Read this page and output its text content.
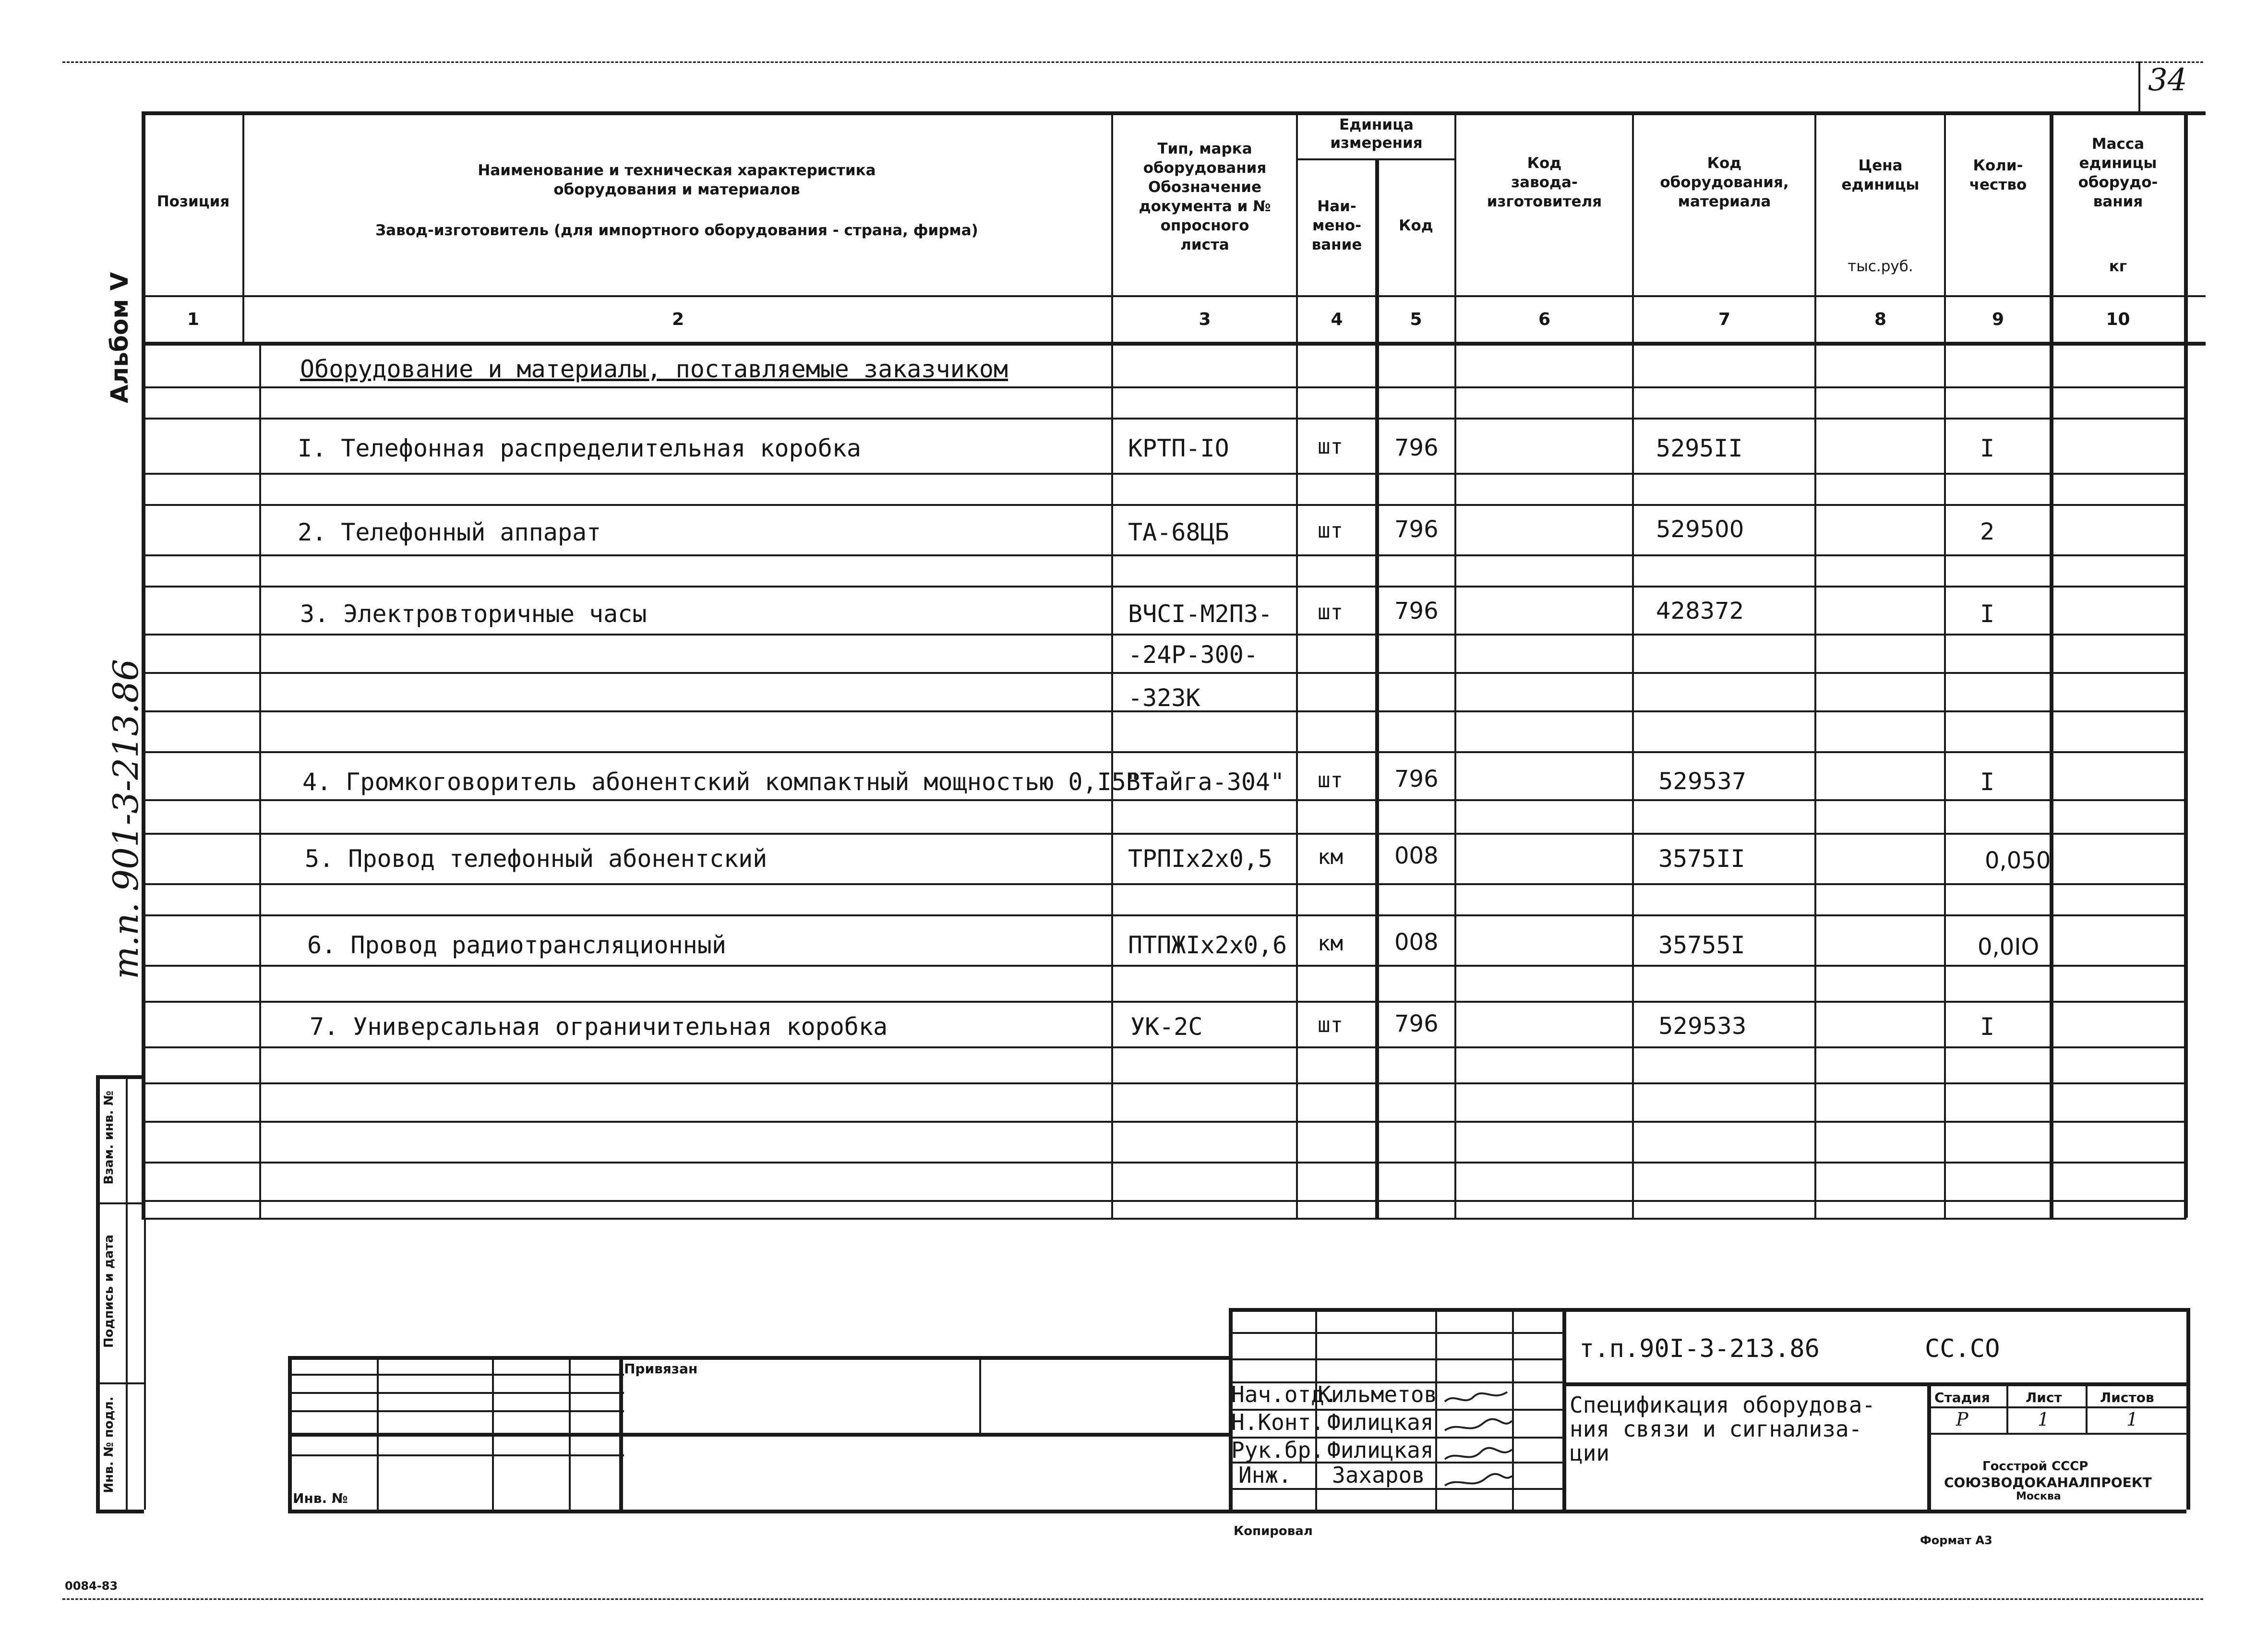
34
Позиция
Наименование и техническая характеристика
оборудования и материалов
Завод-изготовитель (для импортного оборудования - страна, фирма)
Тип, марка
оборудования
Обозначение
документа и №
опросного
листа
Единица
измерения
Наи-
мено-
вание
Код
Код
завода-
изготовителя
Код
оборудования,
материала
Цена
единицы
тыс.руб.
Коли-
чество
Масса
единицы
оборудо-
вания
кг
1	2	3	4	5	6	7	8	9	10
Оборудование и материалы, поставляемые заказчиком
I. Телефонная распределительная коробка	КРТП-IO	шт 796	5295II	I
2. Телефонный аппарат	ТА-68ЦБ	шт 796	529500	2
3. Электровторичные часы	ВЧСI-М2П3-
-24Р-300-
-323К
шт 796	428372	I
4. Громкоговоритель абонентский компактный мощностью 0,I5Вт
"Тайга-304" шт 796	529537	I
5. Провод телефонный абонентский	ТРПIх2х0,5 км 008	3575II	0,050
6. Провод радиотрансляционный	ПТПЖIх2х0,6 км 008	35755I	0,0IO
7. Универсальная ограничительная коробка	УК-2С	шт 796	529533	I
Альбом V
т.п. 901-3-213.86
Взам. инв. №
Подпись и дата
Инв. № подл.
Привязан
Инв. №
Нач.отд.
Кильметов
Н.Конт. Филицкая
Рук.бр. Филицкая
Инж. Захаров
т.п.90I-3-213.86	СС.СО
Спецификация оборудова-
ния связи и сигнализа-
ции
Стадия	Лист	Листов
Р	1	1
Госстрой СССР
СОЮЗВОДОКАНАЛПРОЕКТ
Москва
Копировал
Формат А3
0084-83
